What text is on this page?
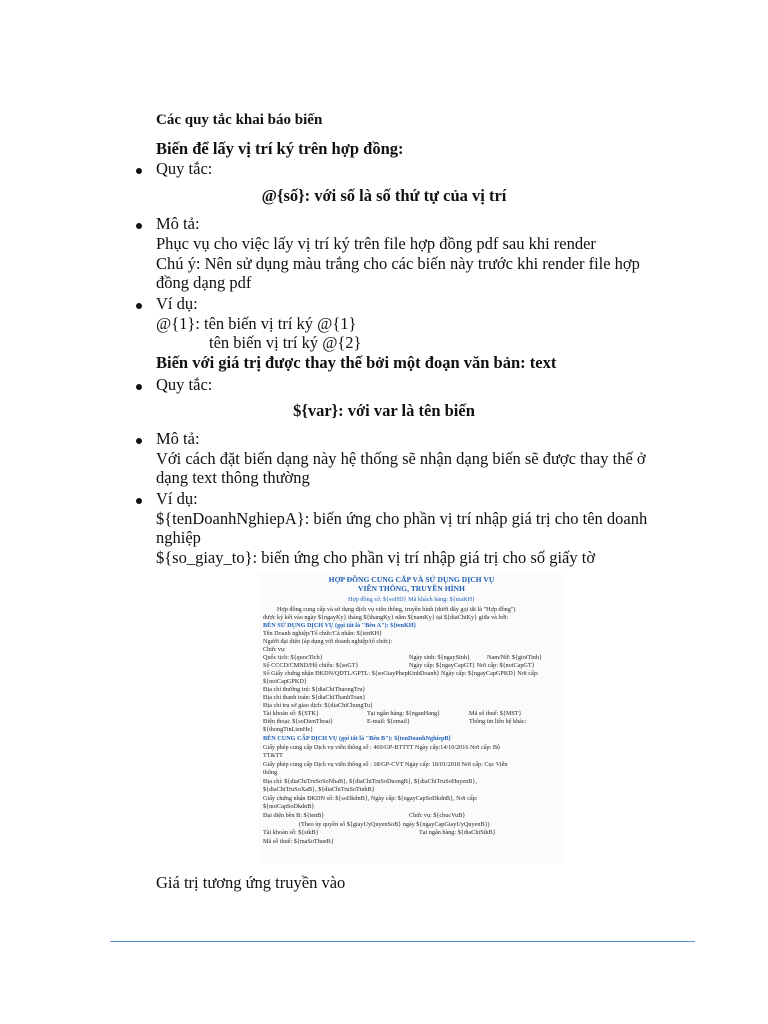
Các quy tắc khai báo biến
Biến để lấy vị trí ký trên hợp đồng:
Quy tắc:
@{số}: với số là số thứ tự của vị trí
Mô tả:
Phục vụ cho việc lấy vị trí ký trên file hợp đồng pdf sau khi render
Chú ý: Nên sử dụng màu trắng cho các biến này trước khi render file hợp
đồng dạng pdf
Ví dụ:
@{1}: tên biến vị trí ký @{1}
tên biến vị trí ký @{2}
Biến với giá trị được thay thế bởi một đoạn văn bản: text
Quy tắc:
${var}: với var là tên biến
Mô tả:
Với cách đặt biến dạng này hệ thống sẽ nhận dạng biến sẽ được thay thế ở
dạng text thông thường
Ví dụ:
${tenDoanhNghiepA}: biến ứng cho phần vị trí nhập giá trị cho tên doanh
nghiệp
${so_giay_to}: biến ứng cho phần vị trí nhập giá trị cho số giấy tờ
HỢP ĐỒNG CUNG CẤP VÀ SỬ DỤNG DỊCH VỤ
VIỄN THÔNG, TRUYỀN HÌNH
Hợp đồng số: ${soHD} Mã khách hàng: ${maKH}
Hợp đồng cung cấp và sử dụng dịch vụ viễn thông, truyền hình (dưới đây gọi tắt là "Hợp đồng")
được ký kết vào ngày ${ngayKy} tháng ${thangKy} năm ${namKy} tại ${diaChiKy} giữa và bởi:
BÊN SỬ DỤNG DỊCH VỤ (gọi tắt là "Bên A"): ${tenKH}
Tên Doanh nghiệp/Tổ chức/Cá nhân: ${tenKH}
Người đại diện (áp dụng với doanh nghiệp/tổ chức):
Chức vụ:
Quốc tịch: ${quocTich}	Ngày sinh: ${ngaySinh}	Nam/Nữ: ${gioiTinh}
Số CCCD/CMND/Hộ chiếu: ${soGT}	Ngày cấp: ${ngayCapGT} Nơi cấp: ${noiCapGT}
Số Giấy chứng nhận ĐKDN/QĐTL/GPTL: ${soGiayPhepKinhDoanh} Ngày cấp: ${ngayCapGPKD} Nơi cấp:
${noiCapGPKD}
Địa chỉ thường trú: ${diaChiThuongTru}
Địa chỉ thanh toán: ${diaChiThanhToan}
Địa chỉ trụ sở giao dịch: ${diaChiChungTu}
Tài khoản số: ${STK}	Tại ngân hàng: ${nganHang}	Mã số thuế: ${MST}
Điện thoại: ${soDienThoai}	E-mail: ${email}	Thông tin liên hệ khác:
${thongTinLienHe}
BÊN CUNG CẤP DỊCH VỤ (gọi tắt là "Bên B"): ${tenDoanhNghiepB}
Giấy phép cung cấp Dịch vụ viễn thông số : 469/GP-BTTTT Ngày cấp:14/10/2016 Nơi cấp: Bộ
TT&TT
Giấy phép cung cấp Dịch vụ viễn thông số : 18/GP-CVT Ngày cấp: 18/01/2018 Nơi cấp: Cục Viễn
thông
Địa chỉ: ${diaChiTruSoSoNhaB}, ${diaChiTruSoDuongB}, ${diaChiTruSoHuyenB},
${diaChiTruSoXaB}, ${diaChiTruSoTinhB}
Giấy chứng nhận ĐKDN số: ${soDkdnB}, Ngày cấp: ${ngayCapSoDkdnB}, Nơi cấp:
${noiCapSoDkdnB}
Đại diện bên B: ${tenB}	Chức vụ: ${chucVuB}
(Theo ủy quyền số ${giayUyQuyenSoB} ngày ${ngayCapGiayUyQuyenB})
Tài khoản số: ${stkB}	Tại ngân hàng: ${diaChiStkB}
Mã số thuế: ${maSoThueB}
Giá trị tương ứng truyền vào
